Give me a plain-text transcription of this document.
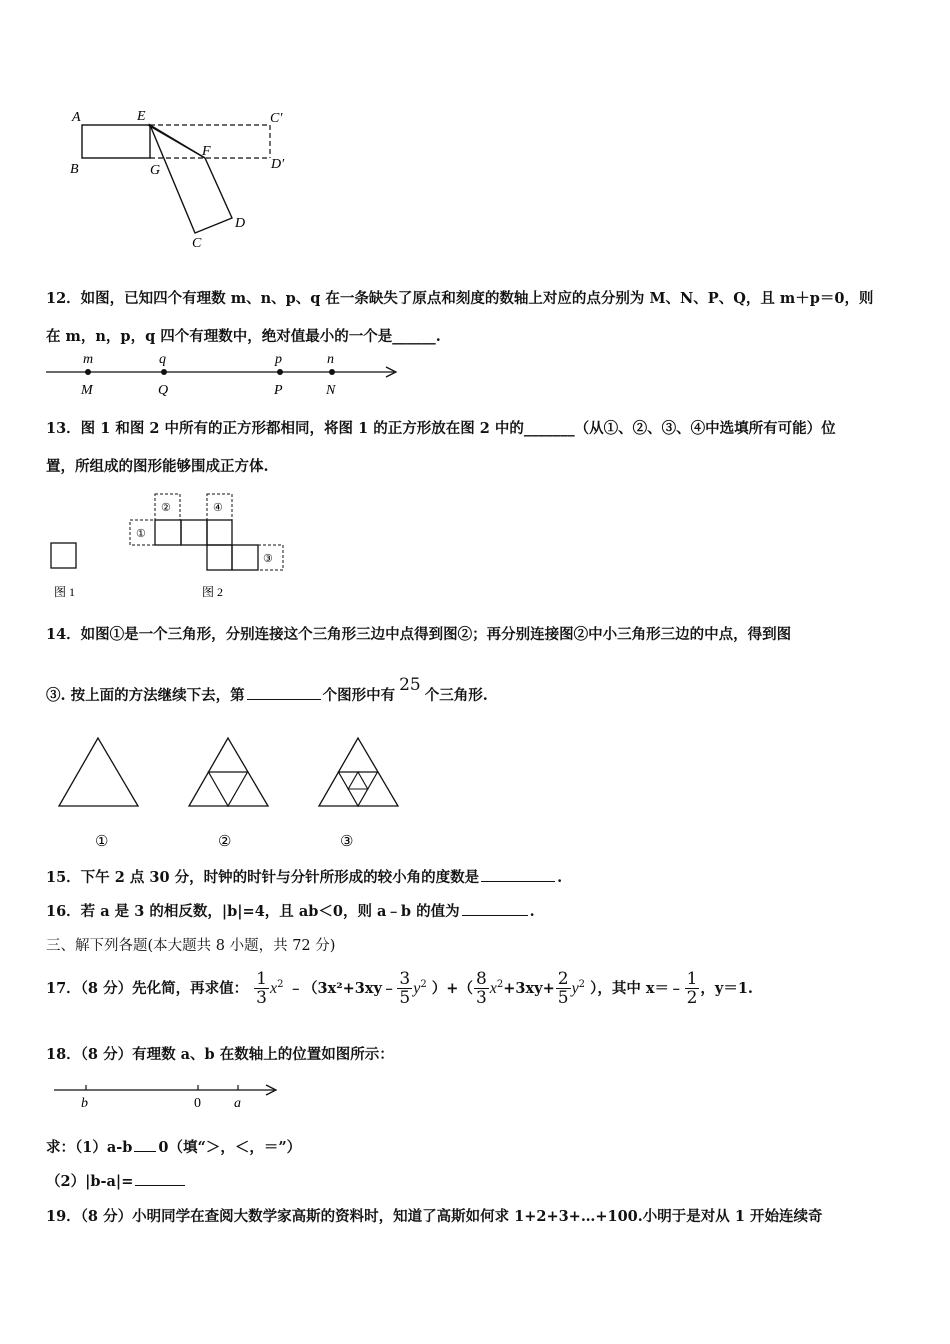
A	E	C′
B	G
F
D′
D
C
12．如图，已知四个有理数 m、n、p、q 在一条缺失了原点和刻度的数轴上对应的点分别为 M、N、P、Q，且 m＋p＝0，则
在 m，n，p，q 四个有理数中，绝对值最小的一个是______.
m	q	p	n
M	Q	P	N
13．图 1 和图 2 中所有的正方形都相同，将图 1 的正方形放在图 2 中的_______（从①、②、③、④中选填所有可能）位
置，所组成的图形能够围成正方体.
①
②	④
③
图 1	图 2
14．如图①是一个三角形，分别连接这个三角形三边中点得到图②；再分别连接图②中小三角形三边的中点，得到图
③. 按上面的方法继续下去，第	个图形中有25个三角形.
①	②	③
15．下午 2 点 30 分，时钟的时针与分针所形成的较小角的度数是	.
16．若 a 是 3 的相反数，|b|=4，且 ab＜0，则 a﹣b 的值为	.
三、解下列各题(本大题共 8 小题，共 72 分)
17．（8 分）先化简，再求值： $\frac{1}{3} x^2$ ﹣（3x²+3xy﹣ $\frac{3}{5} y^2$ ）+（ $\frac{8}{3} x^2+3xy+ \frac{2}{5} y^2$ ），其中 x＝﹣ $\frac{1}{2}$ ，y＝1.
18．（8 分）有理数 a、b 在数轴上的位置如图所示：
b	0 a
求：（1）a-b 0（填“＞，＜，＝”）
（2）|b-a|=
19．（8 分）小明同学在查阅大数学家高斯的资料时，知道了高斯如何求 1+2+3+…+100.小明于是对从 1 开始连续奇
